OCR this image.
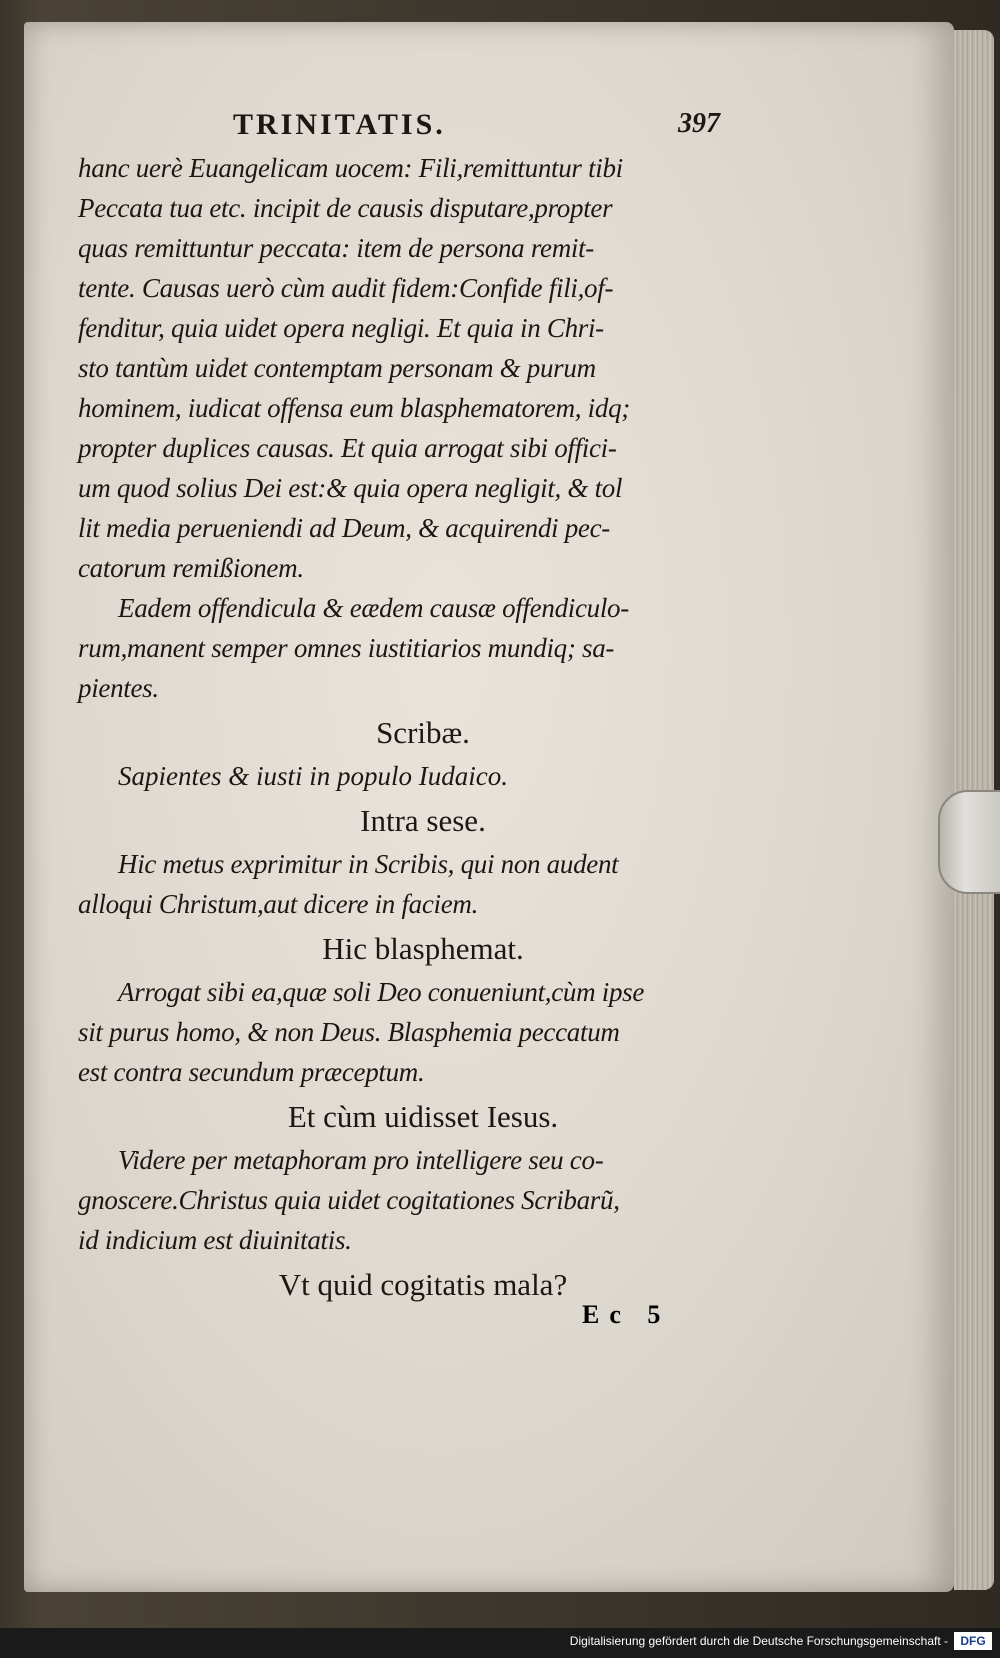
TRINITATIS.	397
hanc uerè Euangelicam uocem: Fili,remittuntur tibi
Peccata tua etc. incipit de causis disputare,propter
quas remittuntur peccata: item de persona remit-
tente. Causas uerò cùm audit fidem:Confide fili,of-
fenditur, quia uidet opera negligi. Et quia in Chri-
sto tantùm uidet contemptam personam & purum
hominem, iudicat offensa eum blasphematorem, idq;
propter duplices causas. Et quia arrogat sibi offici-
um quod solius Dei est:& quia opera negligit, & tol
lit media perueniendi ad Deum, & acquirendi pec-
catorum remißionem.
Eadem offendicula & eædem causæ offendiculo-
rum,manent semper omnes iustitiarios mundiq; sa-
pientes.
Scribæ.
Sapientes & iusti in populo Iudaico.
Intra sese.
Hic metus exprimitur in Scribis, qui non audent
alloqui Christum,aut dicere in faciem.
Hic blasphemat.
Arrogat sibi ea,quæ soli Deo conueniunt,cùm ipse
sit purus homo, & non Deus. Blasphemia peccatum
est contra secundum præceptum.
Et cùm uidisset Iesus.
Videre per metaphoram pro intelligere seu co-
gnoscere.Christus quia uidet cogitationes Scribarũ,
id indicium est diuinitatis.
Vt quid cogitatis mala?
Ec 5
Digitalisierung gefördert durch die Deutsche Forschungsgemeinschaft -	DFG
